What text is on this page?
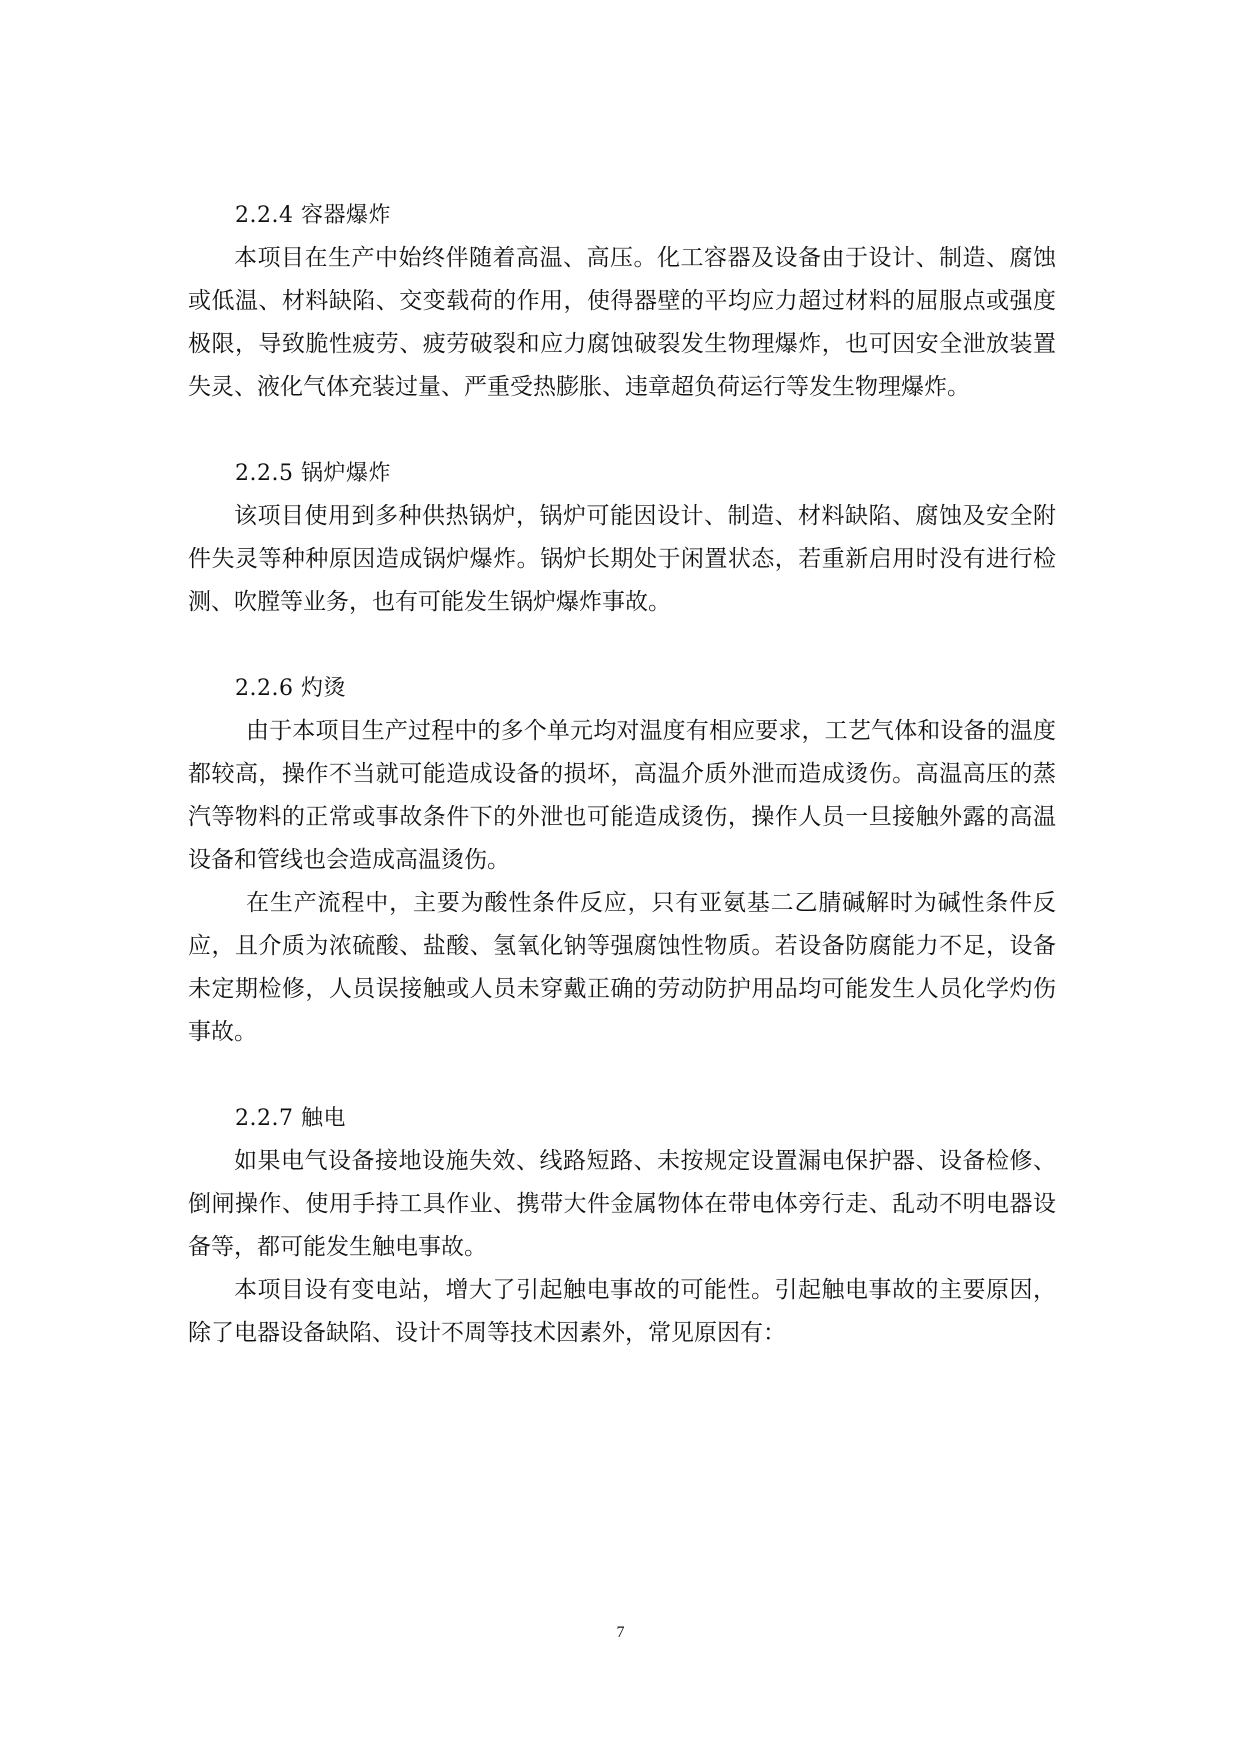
2.2.4 容器爆炸

本项目在生产中始终伴随着高温、高压。化工容器及设备由于设计、制造、腐蚀或低温、材料缺陷、交变载荷的作用，使得器壁的平均应力超过材料的屈服点或强度极限，导致脆性疲劳、疲劳破裂和应力腐蚀破裂发生物理爆炸，也可因安全泄放装置失灵、液化气体充装过量、严重受热膨胀、违章超负荷运行等发生物理爆炸。

2.2.5 锅炉爆炸

该项目使用到多种供热锅炉，锅炉可能因设计、制造、材料缺陷、腐蚀及安全附件失灵等种种原因造成锅炉爆炸。锅炉长期处于闲置状态，若重新启用时没有进行检测、吹膛等业务，也有可能发生锅炉爆炸事故。

2.2.6 灼烫

由于本项目生产过程中的多个单元均对温度有相应要求，工艺气体和设备的温度都较高，操作不当就可能造成设备的损坏，高温介质外泄而造成烫伤。高温高压的蒸汽等物料的正常或事故条件下的外泄也可能造成烫伤，操作人员一旦接触外露的高温设备和管线也会造成高温烫伤。

在生产流程中，主要为酸性条件反应，只有亚氨基二乙腈碱解时为碱性条件反应，且介质为浓硫酸、盐酸、氢氧化钠等强腐蚀性物质。若设备防腐能力不足，设备未定期检修，人员误接触或人员未穿戴正确的劳动防护用品均可能发生人员化学灼伤事故。

2.2.7 触电

如果电气设备接地设施失效、线路短路、未按规定设置漏电保护器、设备检修、倒闸操作、使用手持工具作业、携带大件金属物体在带电体旁行走、乱动不明电器设备等，都可能发生触电事故。

本项目设有变电站，增大了引起触电事故的可能性。引起触电事故的主要原因，除了电器设备缺陷、设计不周等技术因素外，常见原因有：

7
